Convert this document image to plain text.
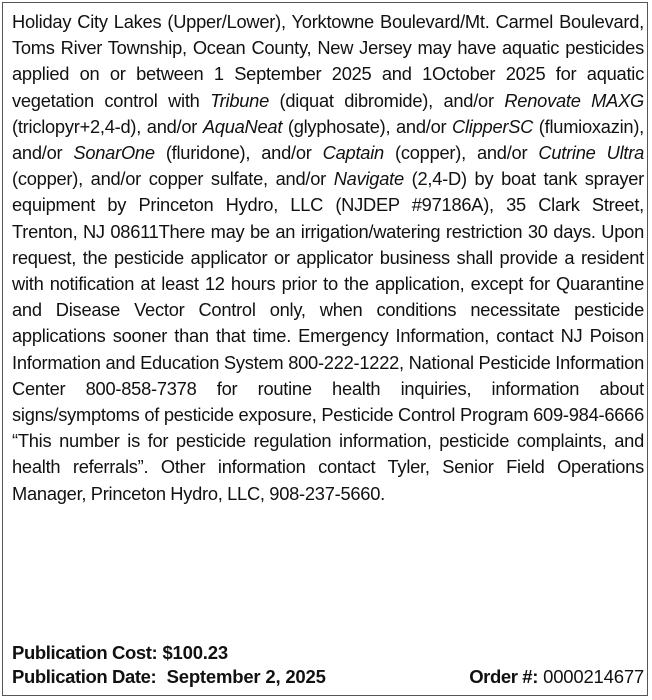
Holiday City Lakes (Upper/Lower), Yorktowne Boulevard/Mt. Carmel Boulevard, Toms River Township, Ocean County, New Jersey may have aquatic pesticides applied on or between 1 September 2025 and 1October 2025 for aquatic vegetation control with Tribune (diquat dibromide), and/or Renovate MAXG (triclopyr+2,4-d), and/or AquaNeat (glyphosate), and/or ClipperSC (flumioxazin), and/or SonarOne (fluridone), and/or Captain (copper), and/or Cutrine Ultra (copper), and/or copper sulfate, and/or Navigate (2,4-D) by boat tank sprayer equipment by Princeton Hydro, LLC (NJDEP #97186A), 35 Clark Street, Trenton, NJ 08611There may be an irrigation/watering restriction 30 days. Upon request, the pesticide applicator or applicator business shall provide a resident with notification at least 12 hours prior to the application, except for Quarantine and Disease Vector Control only, when conditions necessitate pesticide applications sooner than that time. Emergency Information, contact NJ Poison Information and Education System 800-222-1222, National Pesticide Information Center 800-858-7378 for routine health inquiries, information about signs/symptoms of pesticide exposure, Pesticide Control Program 609-984-6666 “This number is for pesticide regulation information, pesticide complaints, and health referrals”. Other information contact Tyler, Senior Field Operations Manager, Princeton Hydro, LLC, 908-237-5660.
Publication Cost: $100.23
Publication Date: September 2, 2025	Order #: 0000214677
